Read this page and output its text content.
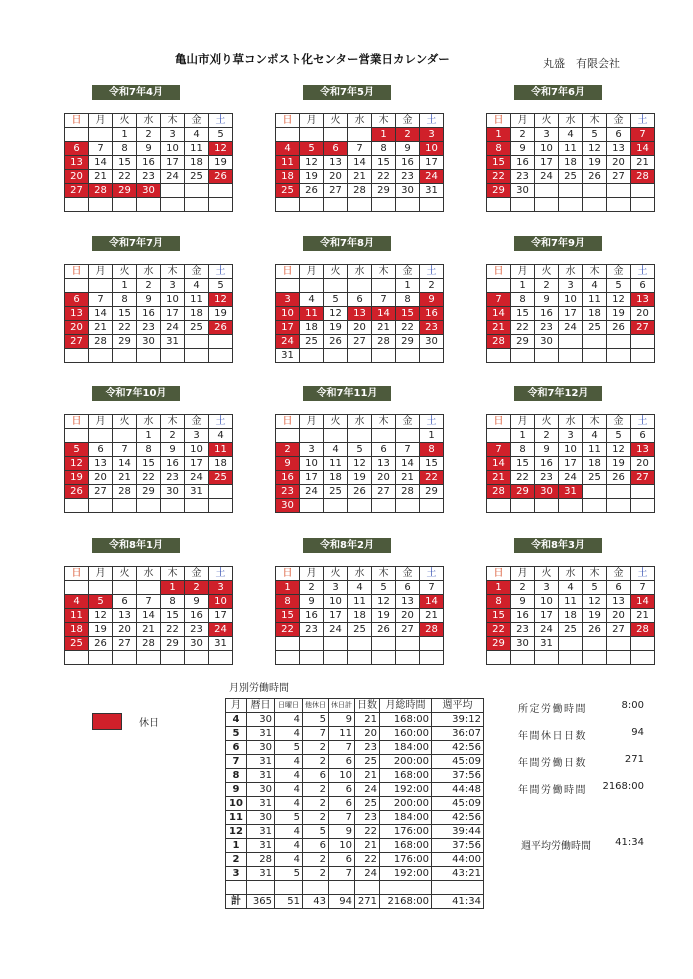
亀山市刈り草コンポスト化センター営業日カレンダー	丸盛　有限会社
令和7年4月
日	月	火	水	木	金	土
		1	2	3	4	5
6	7	8	9	10	11	12
13	14	15	16	17	18	19
20	21	22	23	24	25	26
27	28	29	30			

令和7年5月
日	月	火	水	木	金	土
				1	2	3
4	5	6	7	8	9	10
11	12	13	14	15	16	17
18	19	20	21	22	23	24
25	26	27	28	29	30	31

令和7年6月
日	月	火	水	木	金	土
1	2	3	4	5	6	7
8	9	10	11	12	13	14
15	16	17	18	19	20	21
22	23	24	25	26	27	28
29	30					

令和7年7月
日	月	火	水	木	金	土
		1	2	3	4	5
6	7	8	9	10	11	12
13	14	15	16	17	18	19
20	21	22	23	24	25	26
27	28	29	30	31		

令和7年8月
日	月	火	水	木	金	土
					1	2
3	4	5	6	7	8	9
10	11	12	13	14	15	16
17	18	19	20	21	22	23
24	25	26	27	28	29	30
31						
令和7年9月
日	月	火	水	木	金	土
	1	2	3	4	5	6
7	8	9	10	11	12	13
14	15	16	17	18	19	20
21	22	23	24	25	26	27
28	29	30				

令和7年10月
日	月	火	水	木	金	土
			1	2	3	4
5	6	7	8	9	10	11
12	13	14	15	16	17	18
19	20	21	22	23	24	25
26	27	28	29	30	31	

令和7年11月
日	月	火	水	木	金	土
						1
2	3	4	5	6	7	8
9	10	11	12	13	14	15
16	17	18	19	20	21	22
23	24	25	26	27	28	29
30						
令和7年12月
日	月	火	水	木	金	土
	1	2	3	4	5	6
7	8	9	10	11	12	13
14	15	16	17	18	19	20
21	22	23	24	25	26	27
28	29	30	31			

令和8年1月
日	月	火	水	木	金	土
				1	2	3
4	5	6	7	8	9	10
11	12	13	14	15	16	17
18	19	20	21	22	23	24
25	26	27	28	29	30	31

令和8年2月
日	月	火	水	木	金	土
1	2	3	4	5	6	7
8	9	10	11	12	13	14
15	16	17	18	19	20	21
22	23	24	25	26	27	28

令和8年3月
日	月	火	水	木	金	土
1	2	3	4	5	6	7
8	9	10	11	12	13	14
15	16	17	18	19	20	21
22	23	24	25	26	27	28
29	30	31				

月別労働時間
月	暦日	日曜日	他休日	休日計	日数	月総時間	週平均
4	30	4	5	9	21	168:00	39:12
5	31	4	7	11	20	160:00	36:07
6	30	5	2	7	23	184:00	42:56
7	31	4	2	6	25	200:00	45:09
8	31	4	6	10	21	168:00	37:56
9	30	4	2	6	24	192:00	44:48
10	31	4	2	6	25	200:00	45:09
11	30	5	2	7	23	184:00	42:56
12	31	4	5	9	22	176:00	39:44
1	31	4	6	10	21	168:00	37:56
2	28	4	2	6	22	176:00	44:00
3	31	5	2	7	24	192:00	43:21

計	365	51	43	94	271	2168:00	41:34
休日
所定労働時間	8:00
年間休日日数	94
年間労働日数	271
年間労働時間	2168:00
週平均労働時間	41:34
